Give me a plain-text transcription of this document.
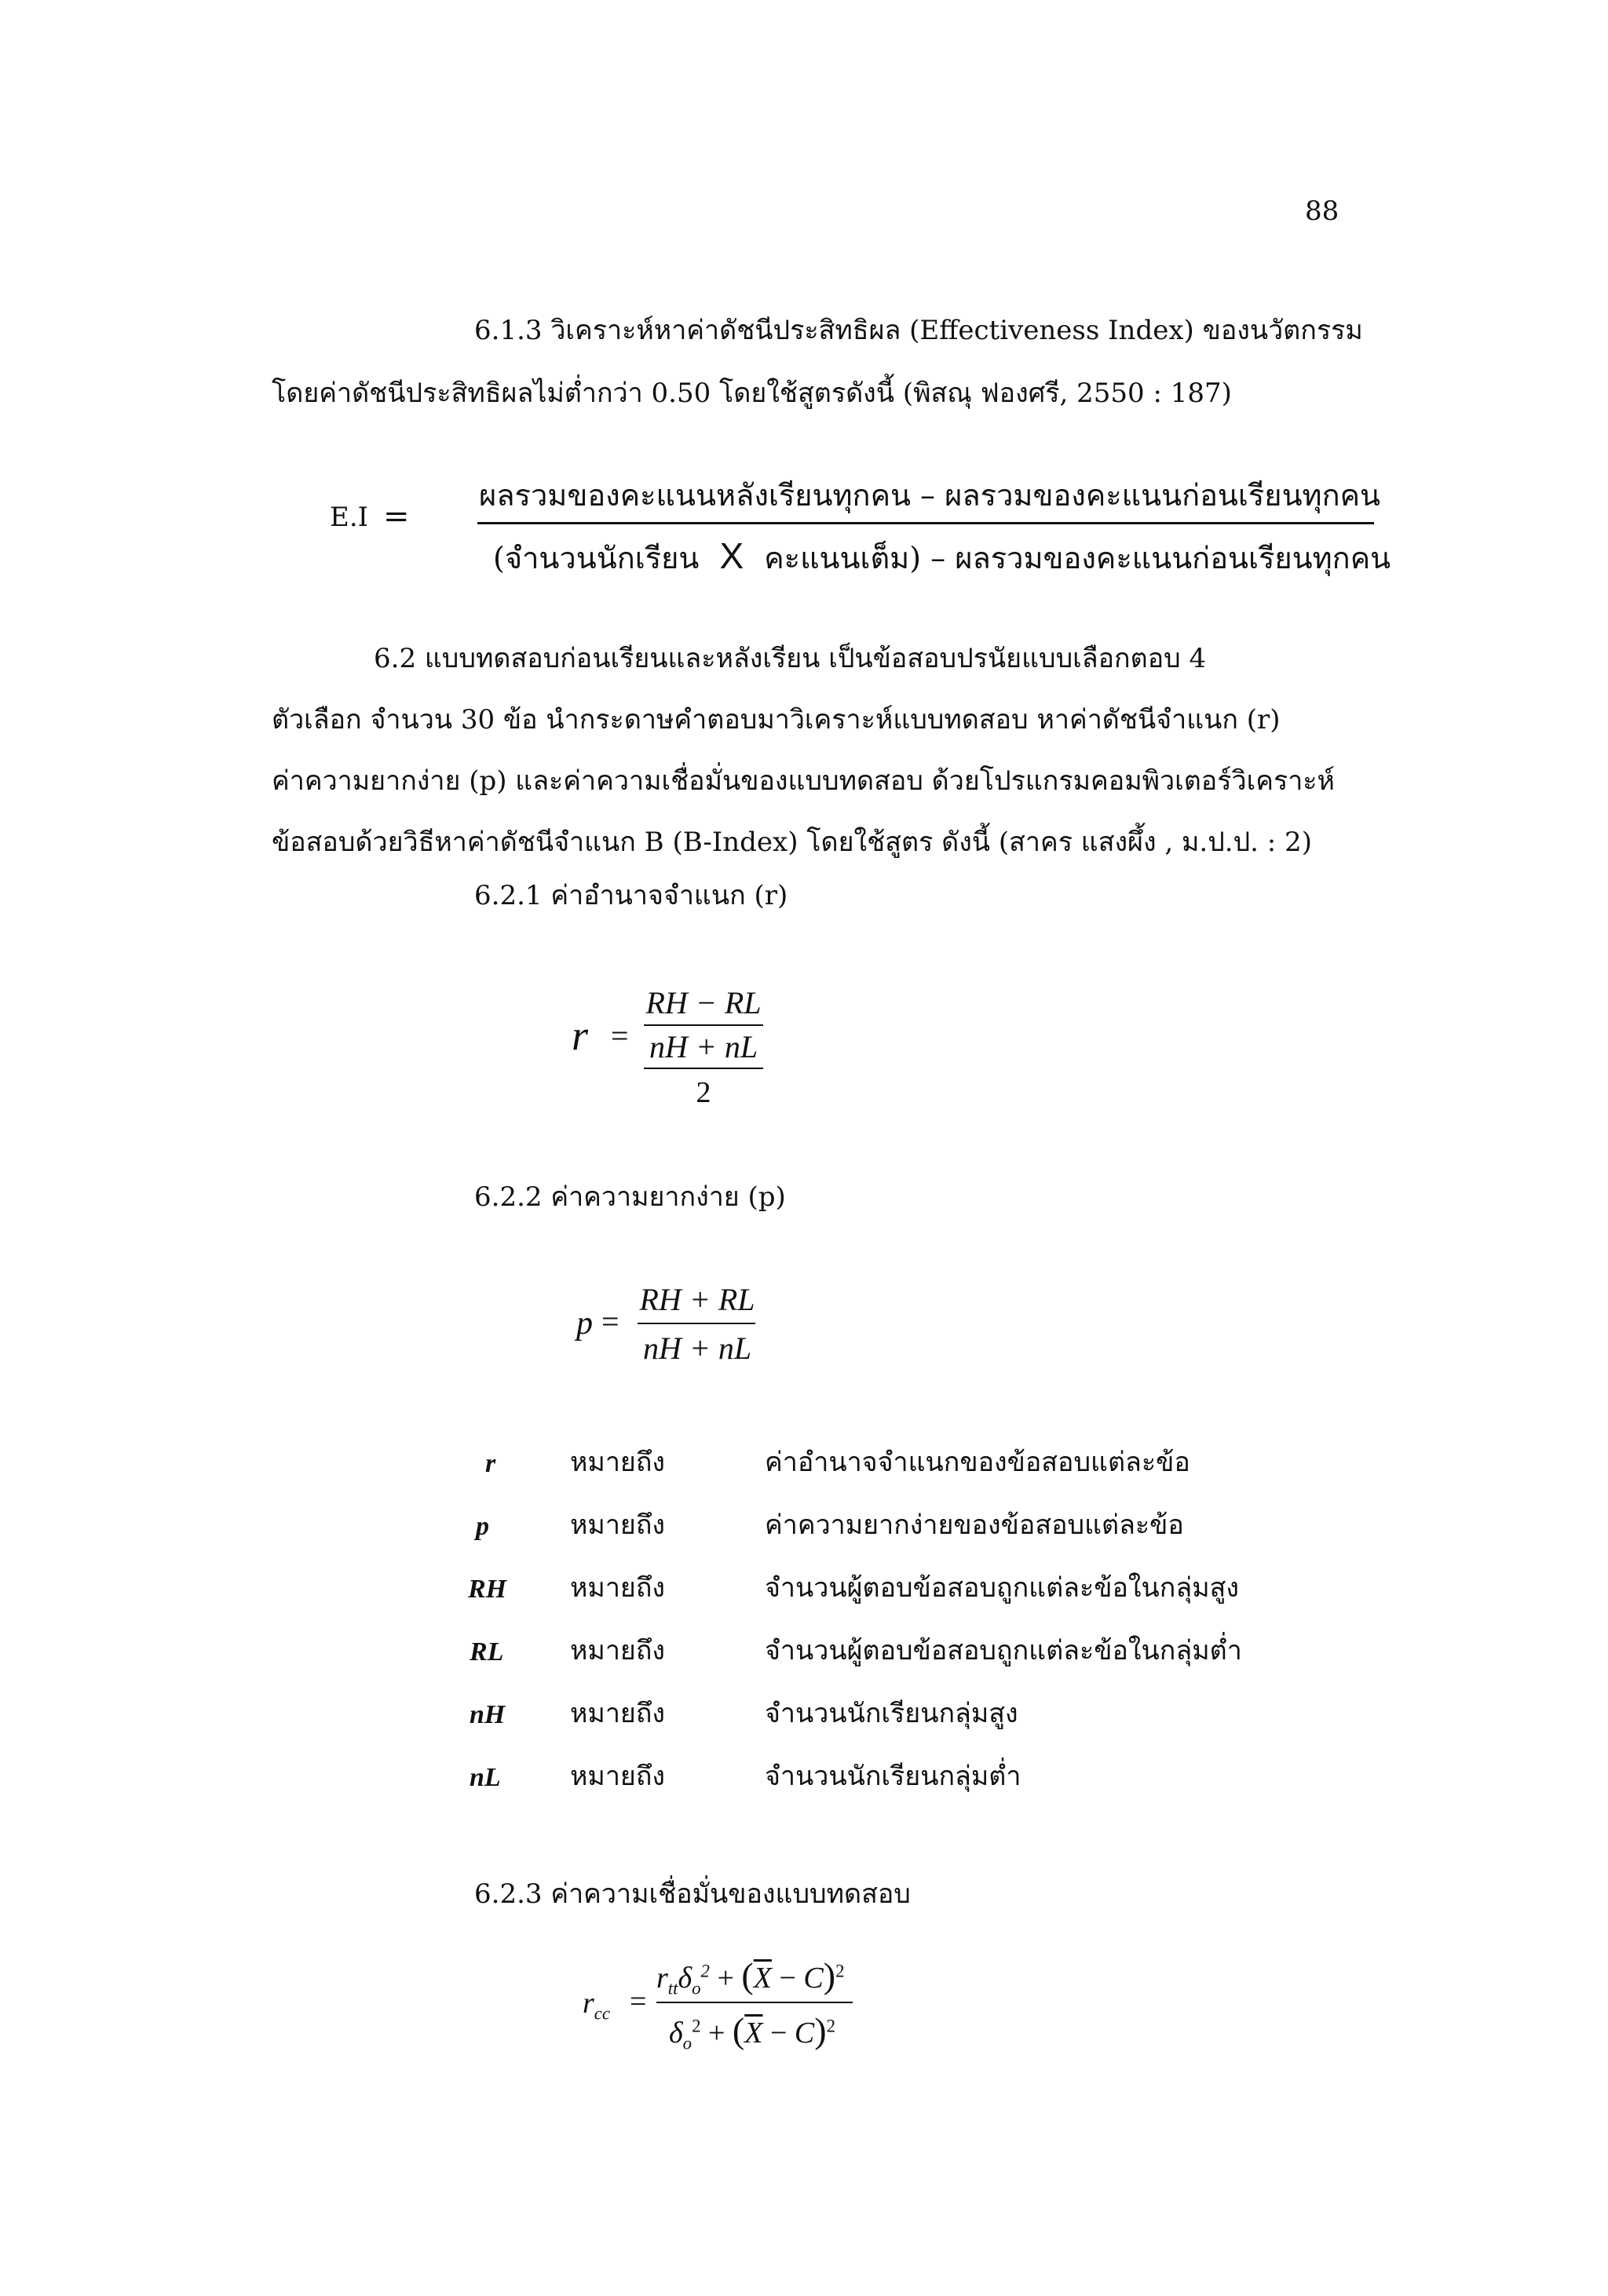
88
6.1.3 วิเคราะห์หาค่าดัชนีประสิทธิผล (Effectiveness Index) ของนวัตกรรม
โดยค่าดัชนีประสิทธิผลไม่ต่ำกว่า 0.50 โดยใช้สูตรดังนี้ (พิสณุ ฟองศรี, 2550 : 187)
E.I =
ผลรวมของคะแนนหลังเรียนทุกคน – ผลรวมของคะแนนก่อนเรียนทุกคน
(จำนวนนักเรียน X คะแนนเต็ม) – ผลรวมของคะแนนก่อนเรียนทุกคน
6.2 แบบทดสอบก่อนเรียนและหลังเรียน เป็นข้อสอบปรนัยแบบเลือกตอบ 4
ตัวเลือก จำนวน 30 ข้อ นำกระดาษคำตอบมาวิเคราะห์แบบทดสอบ หาค่าดัชนีจำแนก (r)
ค่าความยากง่าย (p) และค่าความเชื่อมั่นของแบบทดสอบ ด้วยโปรแกรมคอมพิวเตอร์วิเคราะห์
ข้อสอบด้วยวิธีหาค่าดัชนีจำแนก B (B-Index) โดยใช้สูตร ดังนี้ (สาคร แสงผึ้ง , ม.ป.ป. : 2)
6.2.1 ค่าอำนาจจำแนก (r)
r =
RH − RL
nH + nL
2
6.2.2 ค่าความยากง่าย (p)
p =
RH + RL
nH + nL
r	หมายถึง	ค่าอำนาจจำแนกของข้อสอบแต่ละข้อ
p	หมายถึง	ค่าความยากง่ายของข้อสอบแต่ละข้อ
RH หมายถึง	จำนวนผู้ตอบข้อสอบถูกแต่ละข้อในกลุ่มสูง
RL หมายถึง	จำนวนผู้ตอบข้อสอบถูกแต่ละข้อในกลุ่มต่ำ
nH หมายถึง	จำนวนนักเรียนกลุ่มสูง
nL	หมายถึง	จำนวนนักเรียนกลุ่มต่ำ
6.2.3 ค่าความเชื่อมั่นของแบบทดสอบ
$r_{cc}$ =
$r_{tt}\delta_o^2 + (\overline{X} - C)^2$
$\delta_o^2 + (\overline{X} - C)^2$
